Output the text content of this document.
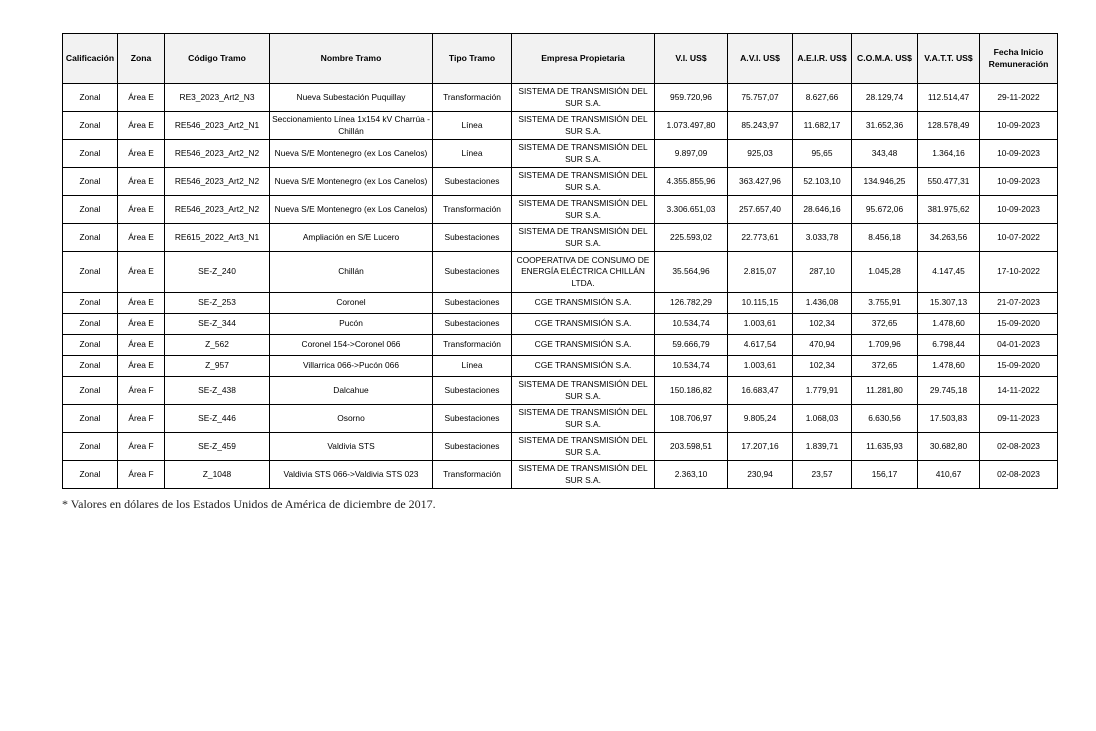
Calificación	Zona	Código Tramo	Nombre Tramo	Tipo Tramo	Empresa Propietaria	V.I. US$	A.V.I. US$	A.E.I.R. US$	C.O.M.A. US$	V.A.T.T. US$	Fecha Inicio Remuneración
Zonal	Área E	RE3_2023_Art2_N3	Nueva Subestación Puquillay	Transformación	SISTEMA DE TRANSMISIÓN DEL SUR S.A.	959.720,96	75.757,07	8.627,66	28.129,74	112.514,47	29-11-2022
Zonal	Área E	RE546_2023_Art2_N1	Seccionamiento Línea 1x154 kV Charrúa -Chillán	Línea	SISTEMA DE TRANSMISIÓN DEL SUR S.A.	1.073.497,80	85.243,97	11.682,17	31.652,36	128.578,49	10-09-2023
Zonal	Área E	RE546_2023_Art2_N2	Nueva S/E Montenegro (ex Los Canelos)	Línea	SISTEMA DE TRANSMISIÓN DEL SUR S.A.	9.897,09	925,03	95,65	343,48	1.364,16	10-09-2023
Zonal	Área E	RE546_2023_Art2_N2	Nueva S/E Montenegro (ex Los Canelos)	Subestaciones	SISTEMA DE TRANSMISIÓN DEL SUR S.A.	4.355.855,96	363.427,96	52.103,10	134.946,25	550.477,31	10-09-2023
Zonal	Área E	RE546_2023_Art2_N2	Nueva S/E Montenegro (ex Los Canelos)	Transformación	SISTEMA DE TRANSMISIÓN DEL SUR S.A.	3.306.651,03	257.657,40	28.646,16	95.672,06	381.975,62	10-09-2023
Zonal	Área E	RE615_2022_Art3_N1	Ampliación en S/E Lucero	Subestaciones	SISTEMA DE TRANSMISIÓN DEL SUR S.A.	225.593,02	22.773,61	3.033,78	8.456,18	34.263,56	10-07-2022
Zonal	Área E	SE-Z_240	Chillán	Subestaciones	COOPERATIVA DE CONSUMO DE ENERGÍA ELÉCTRICA CHILLÁN LTDA.	35.564,96	2.815,07	287,10	1.045,28	4.147,45	17-10-2022
Zonal	Área E	SE-Z_253	Coronel	Subestaciones	CGE TRANSMISIÓN S.A.	126.782,29	10.115,15	1.436,08	3.755,91	15.307,13	21-07-2023
Zonal	Área E	SE-Z_344	Pucón	Subestaciones	CGE TRANSMISIÓN S.A.	10.534,74	1.003,61	102,34	372,65	1.478,60	15-09-2020
Zonal	Área E	Z_562	Coronel 154->Coronel 066	Transformación	CGE TRANSMISIÓN S.A.	59.666,79	4.617,54	470,94	1.709,96	6.798,44	04-01-2023
Zonal	Área E	Z_957	Villarrica 066->Pucón 066	Línea	CGE TRANSMISIÓN S.A.	10.534,74	1.003,61	102,34	372,65	1.478,60	15-09-2020
Zonal	Área F	SE-Z_438	Dalcahue	Subestaciones	SISTEMA DE TRANSMISIÓN DEL SUR S.A.	150.186,82	16.683,47	1.779,91	11.281,80	29.745,18	14-11-2022
Zonal	Área F	SE-Z_446	Osorno	Subestaciones	SISTEMA DE TRANSMISIÓN DEL SUR S.A.	108.706,97	9.805,24	1.068,03	6.630,56	17.503,83	09-11-2023
Zonal	Área F	SE-Z_459	Valdivia STS	Subestaciones	SISTEMA DE TRANSMISIÓN DEL SUR S.A.	203.598,51	17.207,16	1.839,71	11.635,93	30.682,80	02-08-2023
Zonal	Área F	Z_1048	Valdivia STS 066->Valdivia STS 023	Transformación	SISTEMA DE TRANSMISIÓN DEL SUR S.A.	2.363,10	230,94	23,57	156,17	410,67	02-08-2023

* Valores en dólares de los Estados Unidos de América de diciembre de 2017.
